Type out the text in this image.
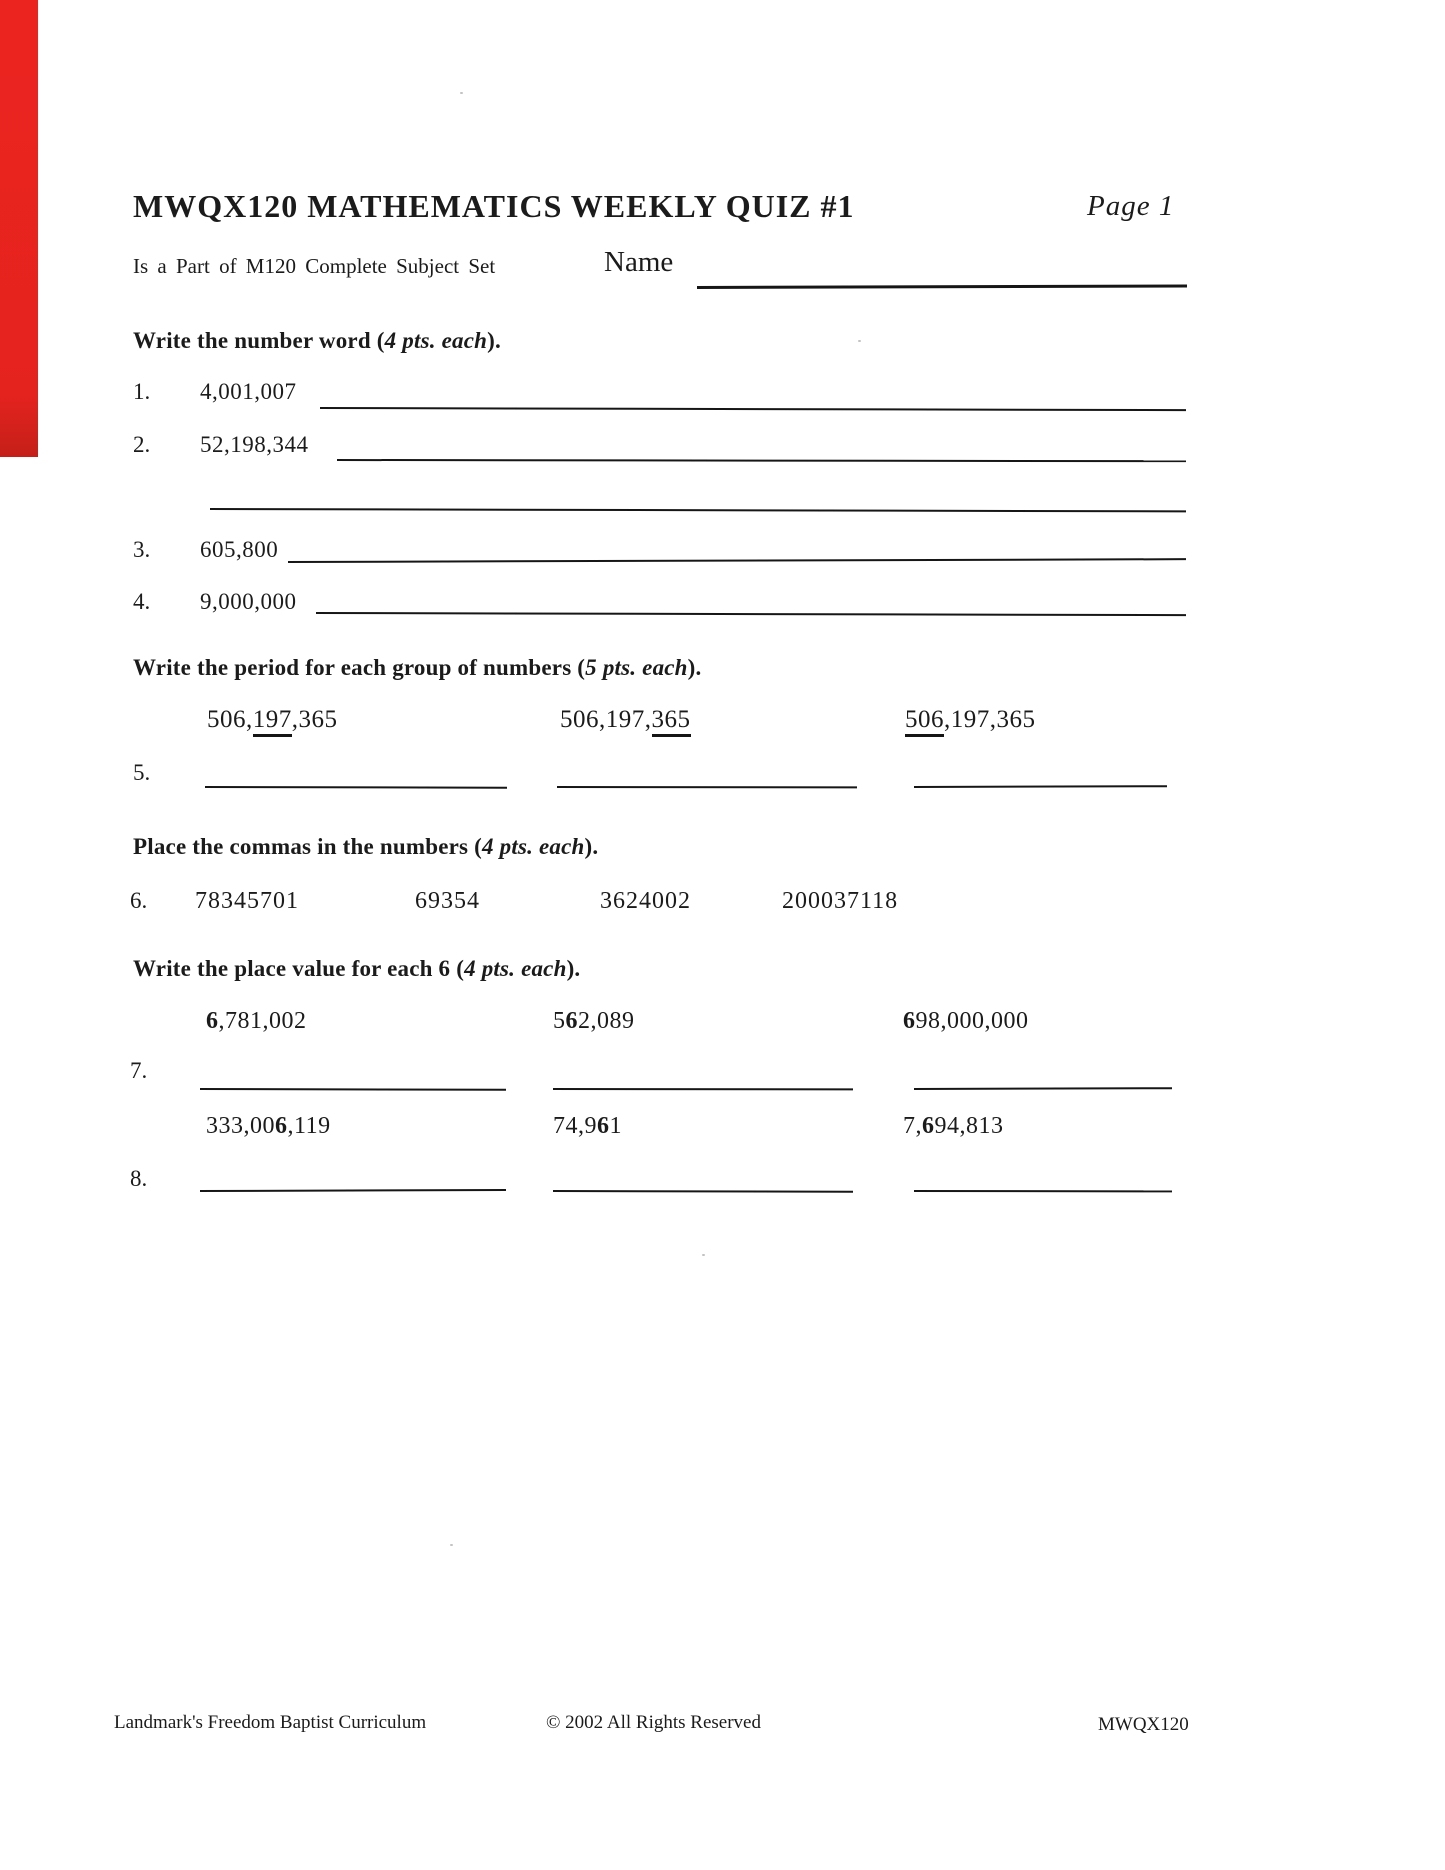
MWQX120 MATHEMATICS WEEKLY QUIZ #1	Page 1
Is a Part of M120 Complete Subject Set	Name
Write the number word (4 pts. each).
1. 4,001,007
2. 52,198,344
3. 605,800
4. 9,000,000
Write the period for each group of numbers (5 pts. each).
506,197,365	506,197,365	506,197,365
5.
Place the commas in the numbers (4 pts. each).
6. 78345701	69354	3624002	200037118
Write the place value for each 6 (4 pts. each).
6,781,002	562,089	698,000,000
7.
333,006,119	74,961	7,694,813
8.
Landmark's Freedom Baptist Curriculum	© 2002 All Rights Reserved	MWQX120
